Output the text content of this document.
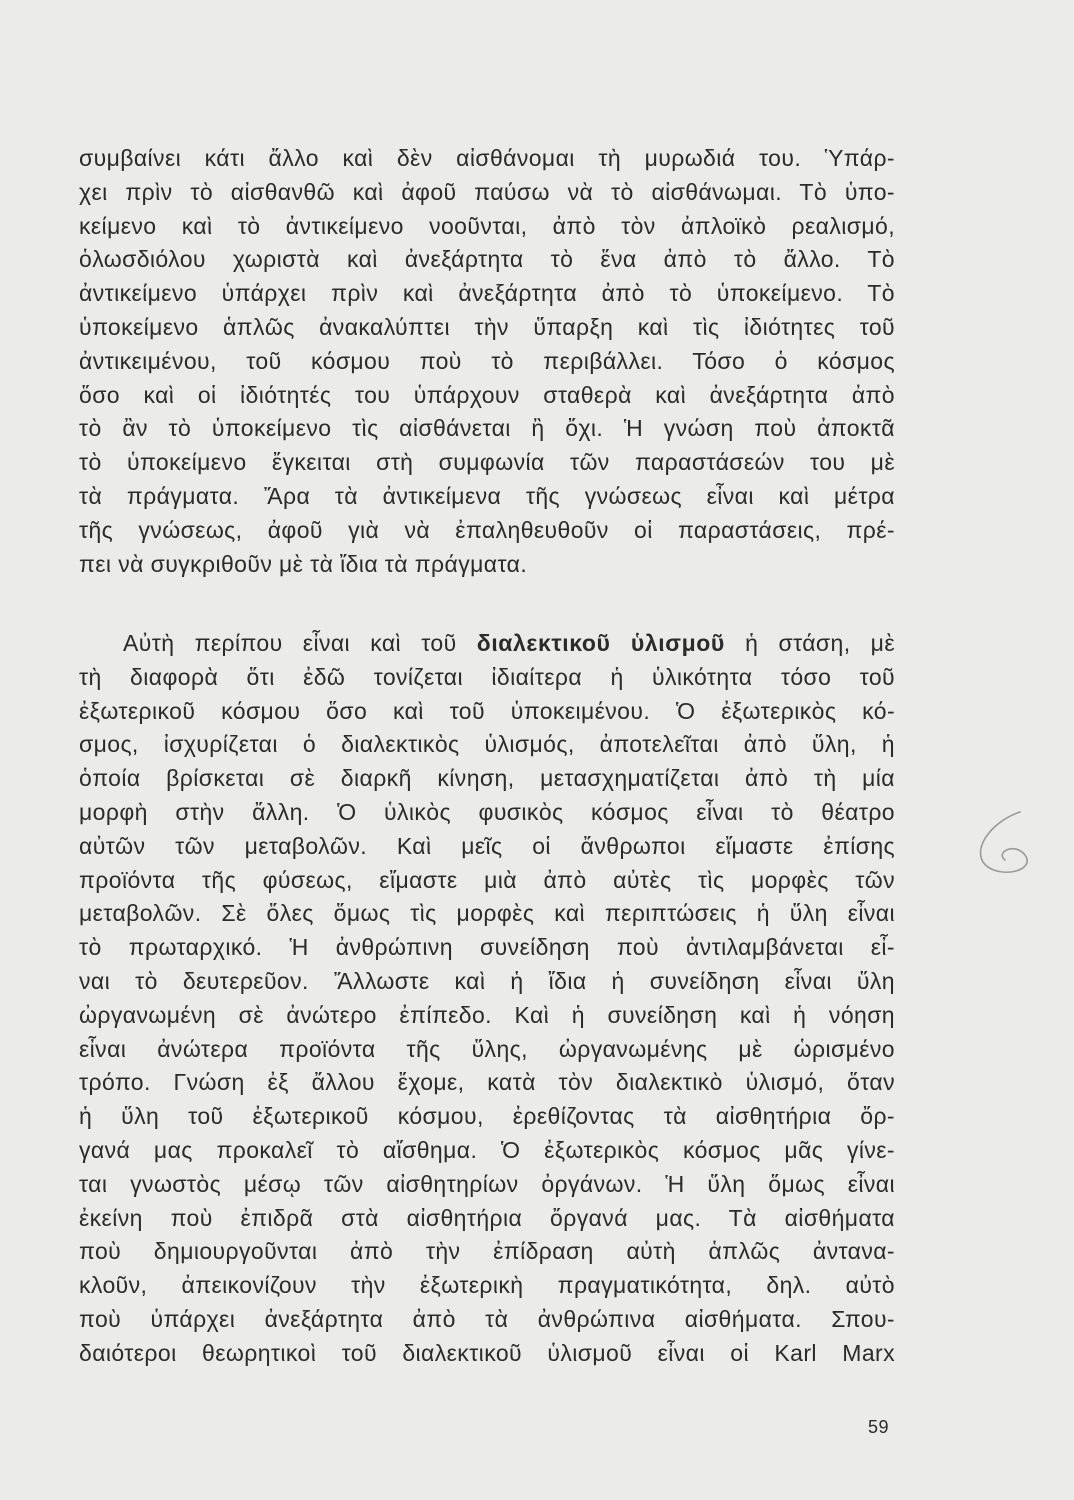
συμβαίνει κάτι ἄλλο καὶ δὲν αἰσθάνομαι τὴ μυρωδιά του. Ὑπάρ-
χει πρὶν τὸ αἰσθανθῶ καὶ ἀφοῦ παύσω νὰ τὸ αἰσθάνωμαι. Τὸ ὑπο-
κείμενο καὶ τὸ ἀντικείμενο νοοῦνται, ἀπὸ τὸν ἀπλοϊκὸ ρεαλισμό,
ὁλωσδιόλου χωριστὰ καὶ ἀνεξάρτητα τὸ ἕνα ἀπὸ τὸ ἄλλο. Τὸ
ἀντικείμενο ὑπάρχει πρὶν καὶ ἀνεξάρτητα ἀπὸ τὸ ὑποκείμενο. Τὸ
ὑποκείμενο ἁπλῶς ἀνακαλύπτει τὴν ὕπαρξη καὶ τὶς ἰδιότητες τοῦ
ἀντικειμένου, τοῦ κόσμου ποὺ τὸ περιβάλλει. Τόσο ὁ κόσμος
ὅσο καὶ οἱ ἰδιότητές του ὑπάρχουν σταθερὰ καὶ ἀνεξάρτητα ἀπὸ
τὸ ἂν τὸ ὑποκείμενο τὶς αἰσθάνεται ἢ ὄχι. Ἡ γνώση ποὺ ἀποκτᾶ
τὸ ὑποκείμενο ἔγκειται στὴ συμφωνία τῶν παραστάσεών του μὲ
τὰ πράγματα. Ἄρα τὰ ἀντικείμενα τῆς γνώσεως εἶναι καὶ μέτρα
τῆς γνώσεως, ἀφοῦ γιὰ νὰ ἐπαληθευθοῦν οἱ παραστάσεις, πρέ-
πει νὰ συγκριθοῦν μὲ τὰ ἴδια τὰ πράγματα.
Αὐτὴ περίπου εἶναι καὶ τοῦ διαλεκτικοῦ ὑλισμοῦ ἡ στάση, μὲ
τὴ διαφορὰ ὅτι ἐδῶ τονίζεται ἰδιαίτερα ἡ ὑλικότητα τόσο τοῦ
ἐξωτερικοῦ κόσμου ὅσο καὶ τοῦ ὑποκειμένου. Ὁ ἐξωτερικὸς κό-
σμος, ἰσχυρίζεται ὁ διαλεκτικὸς ὑλισμός, ἀποτελεῖται ἀπὸ ὕλη, ἡ
ὁποία βρίσκεται σὲ διαρκῆ κίνηση, μετασχηματίζεται ἀπὸ τὴ μία
μορφὴ στὴν ἄλλη. Ὁ ὑλικὸς φυσικὸς κόσμος εἶναι τὸ θέατρο
αὐτῶν τῶν μεταβολῶν. Καὶ μεῖς οἱ ἄνθρωποι εἴμαστε ἐπίσης
προϊόντα τῆς φύσεως, εἴμαστε μιὰ ἀπὸ αὐτὲς τὶς μορφὲς τῶν
μεταβολῶν. Σὲ ὅλες ὅμως τὶς μορφὲς καὶ περιπτώσεις ἡ ὕλη εἶναι
τὸ πρωταρχικό. Ἡ ἀνθρώπινη συνείδηση ποὺ ἀντιλαμβάνεται εἶ-
ναι τὸ δευτερεῦον. Ἄλλωστε καὶ ἡ ἴδια ἡ συνείδηση εἶναι ὕλη
ὠργανωμένη σὲ ἀνώτερο ἐπίπεδο. Καὶ ἡ συνείδηση καὶ ἡ νόηση
εἶναι ἀνώτερα προϊόντα τῆς ὕλης, ὠργανωμένης μὲ ὡρισμένο
τρόπο. Γνώση ἐξ ἄλλου ἔχομε, κατὰ τὸν διαλεκτικὸ ὑλισμό, ὅταν
ἡ ὕλη τοῦ ἐξωτερικοῦ κόσμου, ἐρεθίζοντας τὰ αἰσθητήρια ὄρ-
γανά μας προκαλεῖ τὸ αἴσθημα. Ὁ ἐξωτερικὸς κόσμος μᾶς γίνε-
ται γνωστὸς μέσῳ τῶν αἰσθητηρίων ὀργάνων. Ἡ ὕλη ὅμως εἶναι
ἐκείνη ποὺ ἐπιδρᾶ στὰ αἰσθητήρια ὄργανά μας. Τὰ αἰσθήματα
ποὺ δημιουργοῦνται ἀπὸ τὴν ἐπίδραση αὐτὴ ἁπλῶς ἀντανα-
κλοῦν, ἀπεικονίζουν τὴν ἐξωτερικὴ πραγματικότητα, δηλ. αὐτὸ
ποὺ ὑπάρχει ἀνεξάρτητα ἀπὸ τὰ ἀνθρώπινα αἰσθήματα. Σπου-
δαιότεροι θεωρητικοὶ τοῦ διαλεκτικοῦ ὑλισμοῦ εἶναι οἱ Karl Marx
59
